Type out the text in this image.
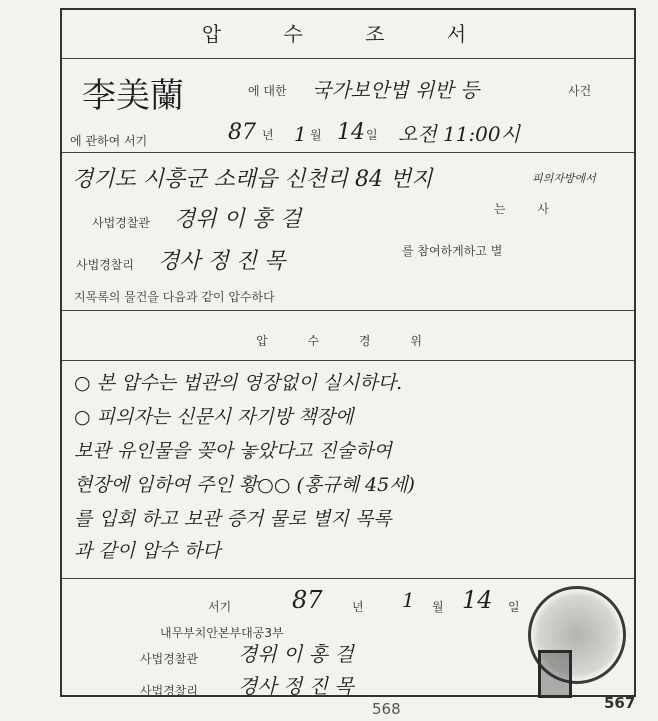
압 수 조 서
李美蘭	에 대한 국가보안법 위반 등	사건
에 관하여 서기	87 년 1 월 14 일 오전 11:00시
경기도 시흥군 소래읍 신천리 84 번지	피의자방에서
사법경찰관 경위 이 홍 걸	는 사
사법경찰리 경사 정 진 목	를 참여하게하고 별
지목록의 물건을 다음과 같이 압수하다
압 수 경 위
○ 본 압수는 법관의 영장없이 실시하다.
○ 피의자는 신문시 자기방 책장에
보관 유인물을 꽂아 놓았다고 진술하여
현장에 임하여 주인 황○○ (홍규혜 45세)
를 입회 하고 보관 증거 물로 별지 목록
과 같이 압수 하다
서기	87 년 1 월 14 일
내무부치안본부대공3부
사법경찰관 경위 이 홍 걸
사법경찰리 경사 정 진 목
568	567
